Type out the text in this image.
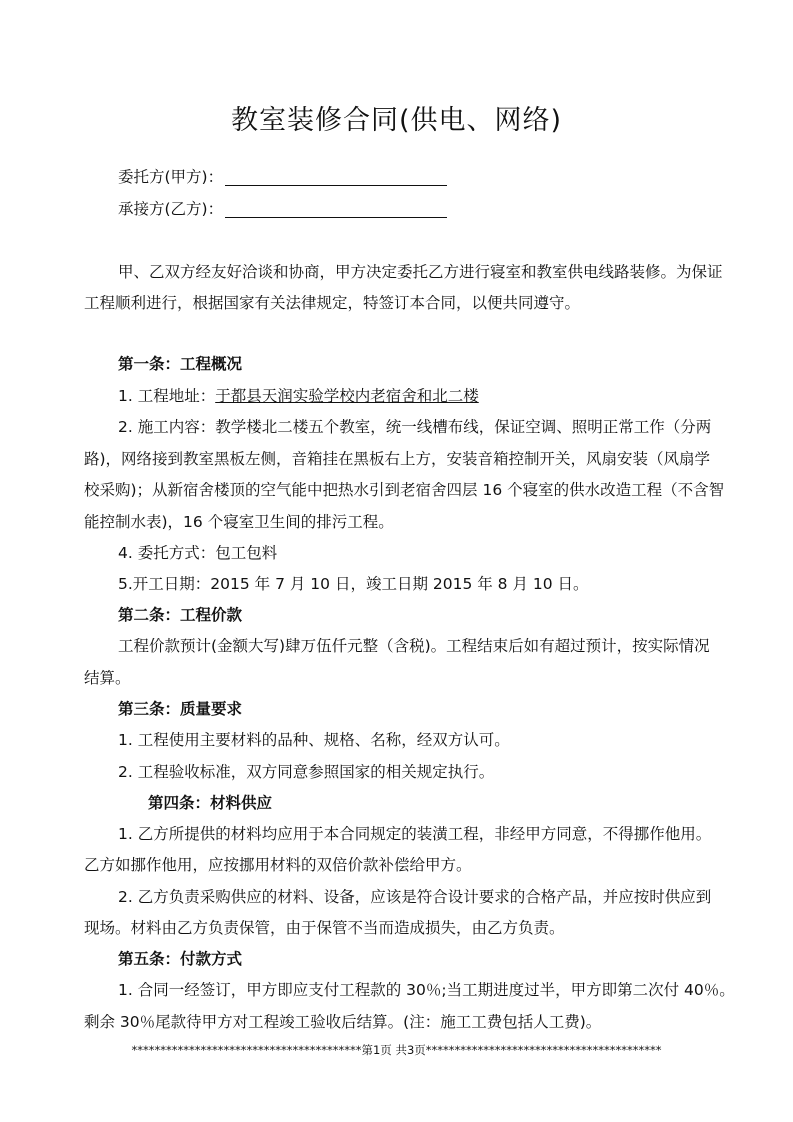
教室装修合同(供电、网络)
委托方(甲方)：
承接方(乙方)：
甲、乙双方经友好洽谈和协商，甲方决定委托乙方进行寝室和教室供电线路装修。为保证
工程顺利进行，根据国家有关法律规定，特签订本合同，以便共同遵守。
第一条：工程概况
1. 工程地址：于都县天润实验学校内老宿舍和北二楼
2. 施工内容：教学楼北二楼五个教室，统一线槽布线，保证空调、照明正常工作（分两
路)，网络接到教室黑板左侧，音箱挂在黑板右上方，安装音箱控制开关，风扇安装（风扇学
校采购)；从新宿舍楼顶的空气能中把热水引到老宿舍四层 16 个寝室的供水改造工程（不含智
能控制水表)，16 个寝室卫生间的排污工程。
4. 委托方式：包工包料
5.开工日期：2015 年 7 月 10 日，竣工日期 2015 年 8 月 10 日。
第二条：工程价款
工程价款预计(金额大写)肆万伍仟元整（含税)。工程结束后如有超过预计，按实际情况
结算。
第三条：质量要求
1. 工程使用主要材料的品种、规格、名称，经双方认可。
2. 工程验收标准，双方同意参照国家的相关规定执行。
第四条：材料供应
1. 乙方所提供的材料均应用于本合同规定的装潢工程，非经甲方同意，不得挪作他用。
乙方如挪作他用，应按挪用材料的双倍价款补偿给甲方。
2. 乙方负责采购供应的材料、设备，应该是符合设计要求的合格产品，并应按时供应到
现场。材料由乙方负责保管，由于保管不当而造成损失，由乙方负责。
第五条：付款方式
1. 合同一经签订，甲方即应支付工程款的 30％;当工期进度过半，甲方即第二次付 40％。
剩余 30％尾款待甲方对工程竣工验收后结算。(注：施工工费包括人工费)。
****************************************第1页 共3页*****************************************
